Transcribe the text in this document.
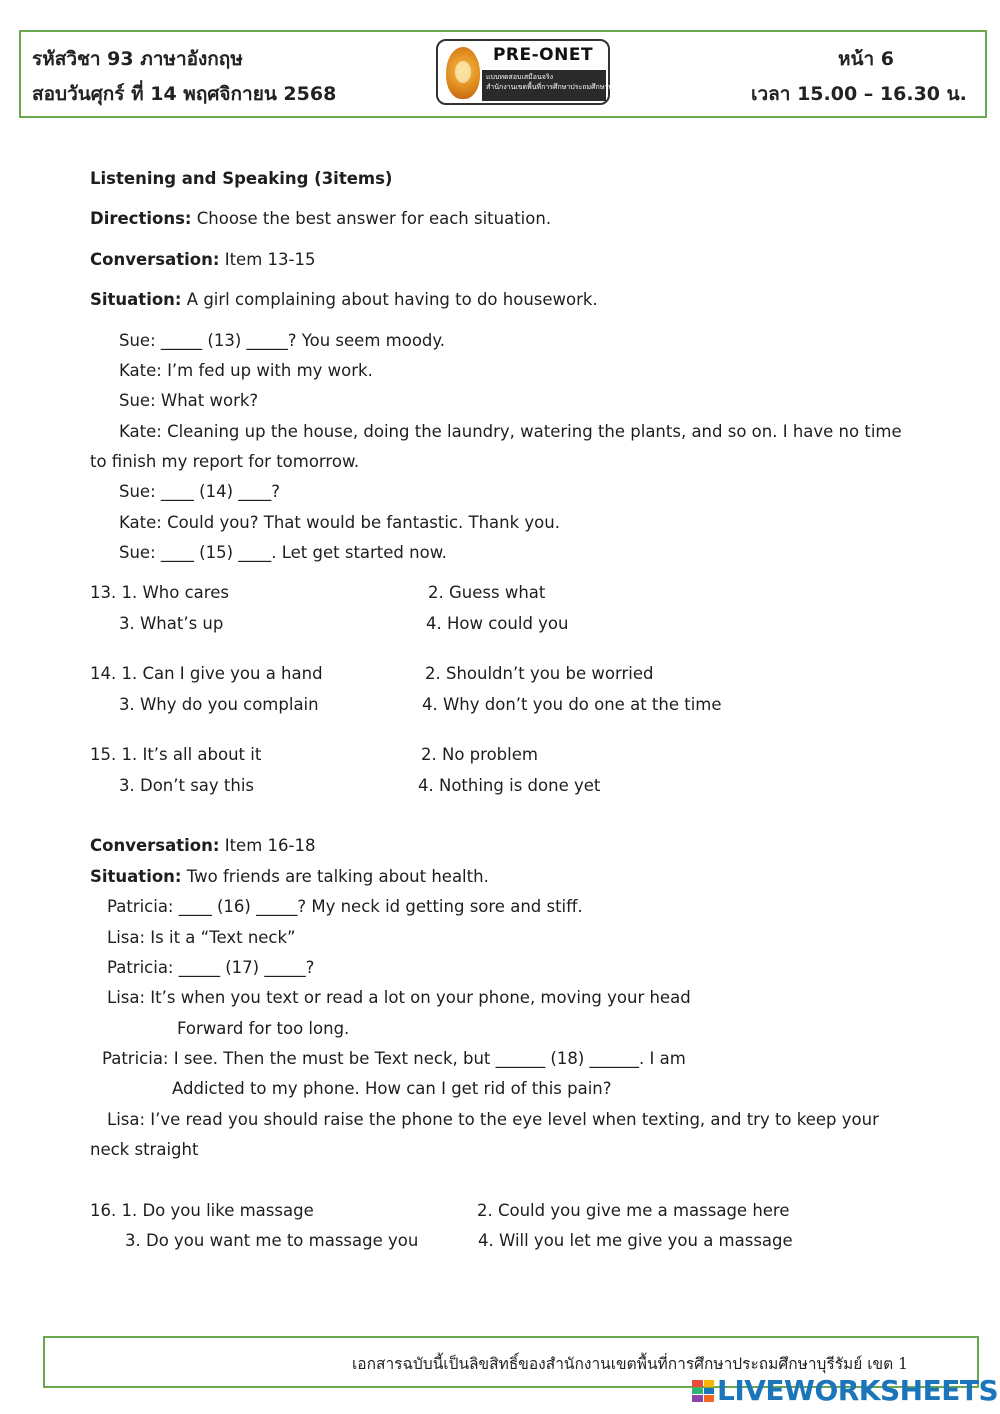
รหัสวิชา 93 ภาษาอังกฤษ
สอบวันศุกร์ ที่ 14 พฤศจิกายน 2568
หน้า 6
เวลา 15.00 – 16.30 น.
PRE-ONET
แบบทดสอบเสมือนจริง
สำนักงานเขตพื้นที่การศึกษาประถมศึกษาบุรีรัมย์ เขต 1
Listening and Speaking (3items)
Directions: Choose the best answer for each situation.
Conversation: Item 13-15
Situation: A girl complaining about having to do housework.
Sue: _____ (13) _____? You seem moody.
Kate: I’m fed up with my work.
Sue: What work?
Kate: Cleaning up the house, doing the laundry, watering the plants, and so on. I have no time
to finish my report for tomorrow.
Sue: ____ (14) ____?
Kate: Could you? That would be fantastic. Thank you.
Sue: ____ (15) ____. Let get started now.
13. 1. Who cares	2. Guess what
3. What’s up	4. How could you
14. 1. Can I give you a hand	2. Shouldn’t you be worried
3. Why do you complain	4. Why don’t you do one at the time
15. 1. It’s all about it	2. No problem
3. Don’t say this	4. Nothing is done yet
Conversation: Item 16-18
Situation: Two friends are talking about health.
Patricia: ____ (16) _____? My neck id getting sore and stiff.
Lisa: Is it a “Text neck”
Patricia: _____ (17) _____?
Lisa: It’s when you text or read a lot on your phone, moving your head
Forward for too long.
Patricia: I see. Then the must be Text neck, but ______ (18) ______. I am
Addicted to my phone. How can I get rid of this pain?
Lisa: I’ve read you should raise the phone to the eye level when texting, and try to keep your
neck straight
16. 1. Do you like massage	2. Could you give me a massage here
3. Do you want me to massage you	4. Will you let me give you a massage
เอกสารฉบับนี้เป็นลิขสิทธิ์ของสำนักงานเขตพื้นที่การศึกษาประถมศึกษาบุรีรัมย์ เขต 1
LIVEWORKSHEETS
